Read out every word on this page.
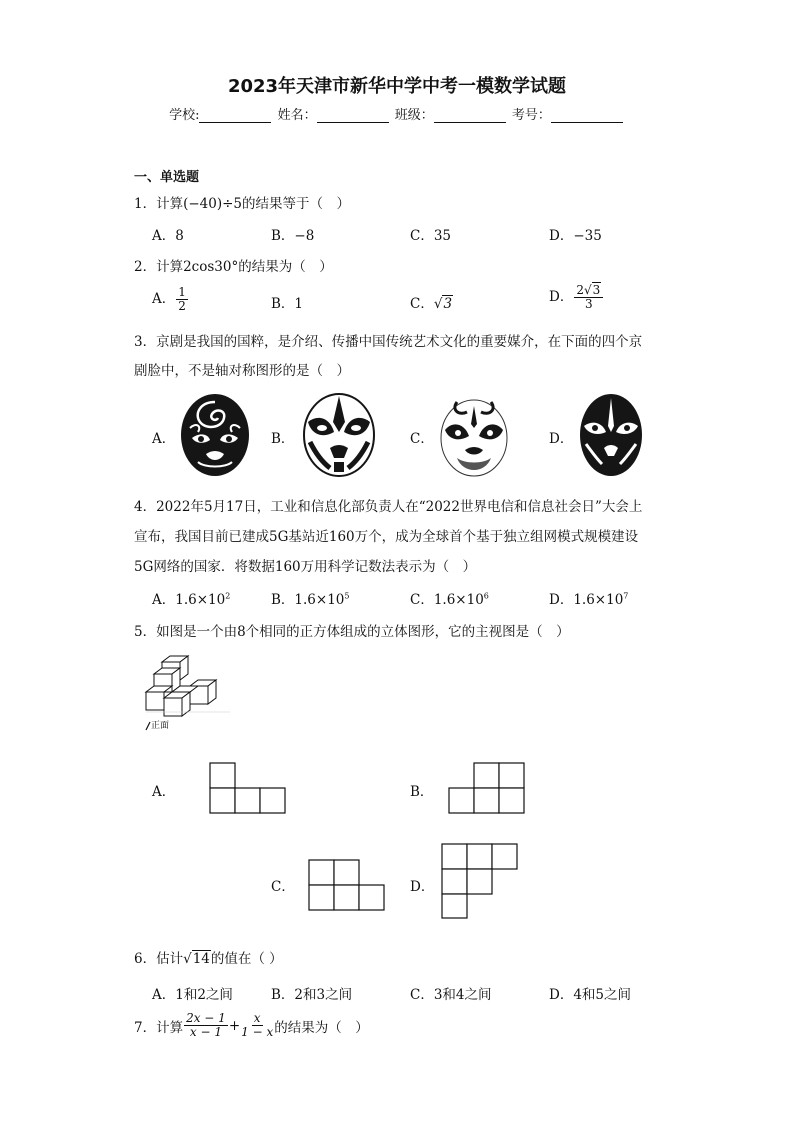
2023年天津市新华中学中考一模数学试题
学校:	姓名：	班级：	考号：
一、单选题
1．计算(−40)÷5的结果等于（　）
A．8	B．−8	C．35	D．−35
2．计算2cos30°的结果为（　）
A． $\frac{1}{2}$	B．1	C．√3	D． $\frac{2√3}{3}$
3．京剧是我国的国粹，是介绍、传播中国传统艺术文化的重要媒介，在下面的四个京
剧脸中，不是轴对称图形的是（　）
A．	B．	C．	D．
4．2022年5月17日，工业和信息化部负责人在“2022世界电信和信息社会日”大会上
宣布，我国目前已建成5G基站近160万个，成为全球首个基于独立组网模式规模建设
5G网络的国家．将数据160万用科学记数法表示为（　）
A．$1.6\times 10^2$	B．$1.6\times 10^5$	C．$1.6\times 10^6$	D．$1.6\times 10^7$
5．如图是一个由8个相同的正方体组成的立体图形，它的主视图是（　）
正面
A．	B．
C．	D．
6．估计√14的值在（ ）
A．1和2之间	B．2和3之间	C．3和4之间	D．4和5之间
7．计算 $\frac{2x - 1}{x - 1} + \frac{x}{1 - x}$ 的结果为（　）
